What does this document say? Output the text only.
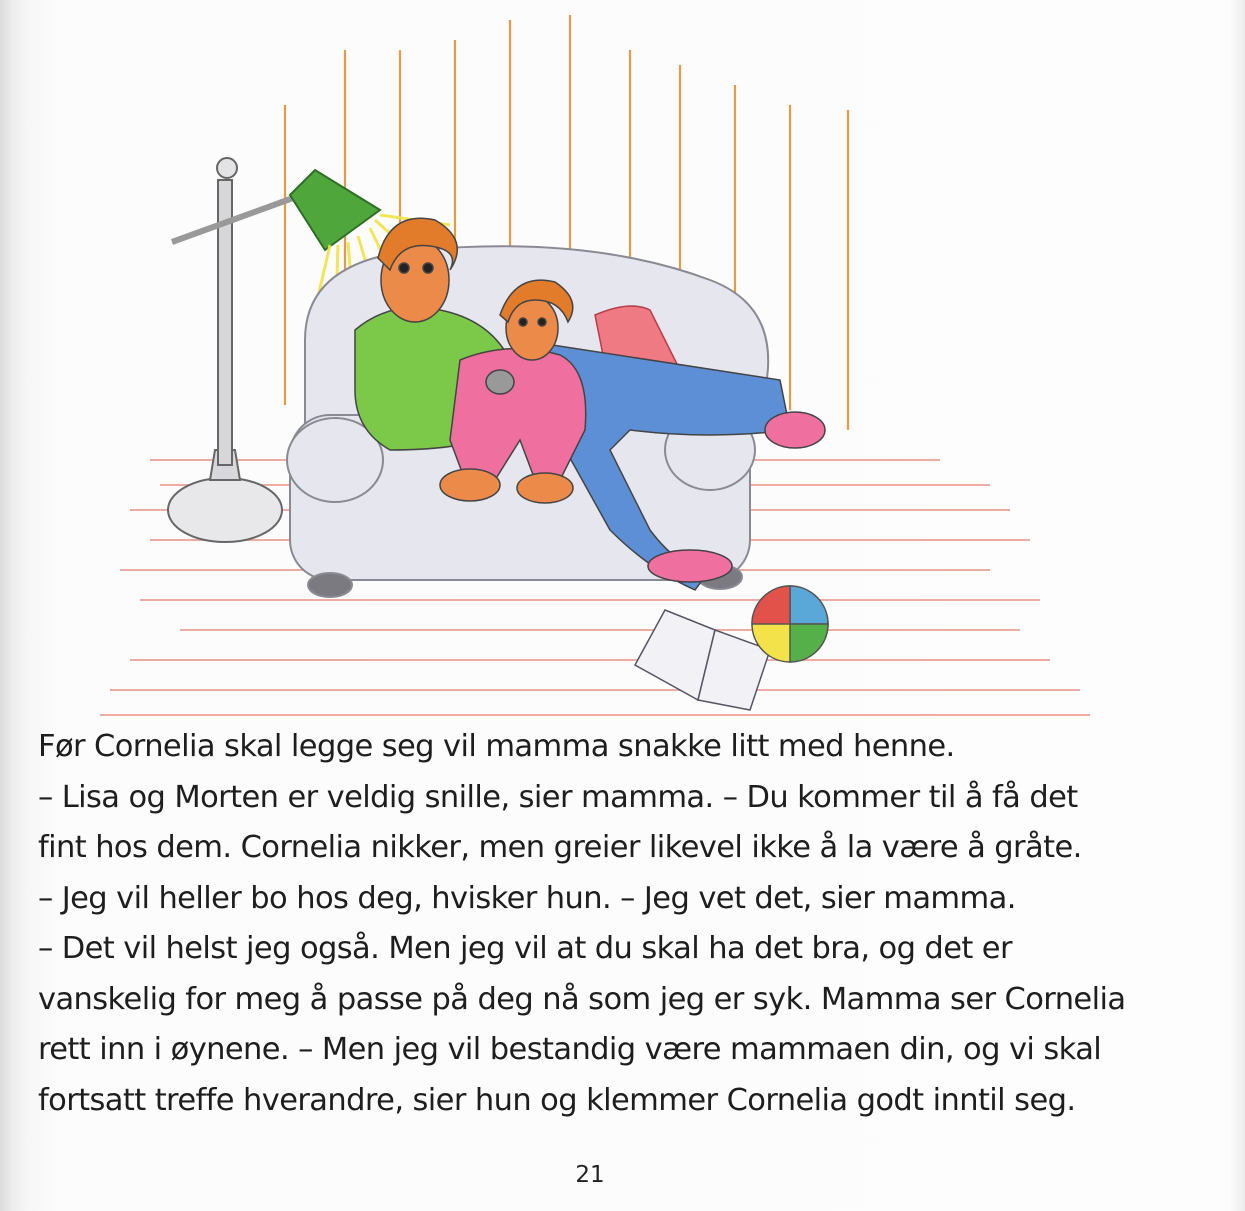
Før Cornelia skal legge seg vil mamma snakke litt med henne.
– Lisa og Morten er veldig snille, sier mamma. – Du kommer til å få det
fint hos dem. Cornelia nikker, men greier likevel ikke å la være å gråte.
– Jeg vil heller bo hos deg, hvisker hun. – Jeg vet det, sier mamma.
– Det vil helst jeg også. Men jeg vil at du skal ha det bra, og det er
vanskelig for meg å passe på deg nå som jeg er syk. Mamma ser Cornelia
rett inn i øynene. – Men jeg vil bestandig være mammaen din, og vi skal
fortsatt treffe hverandre, sier hun og klemmer Cornelia godt inntil seg.
21
